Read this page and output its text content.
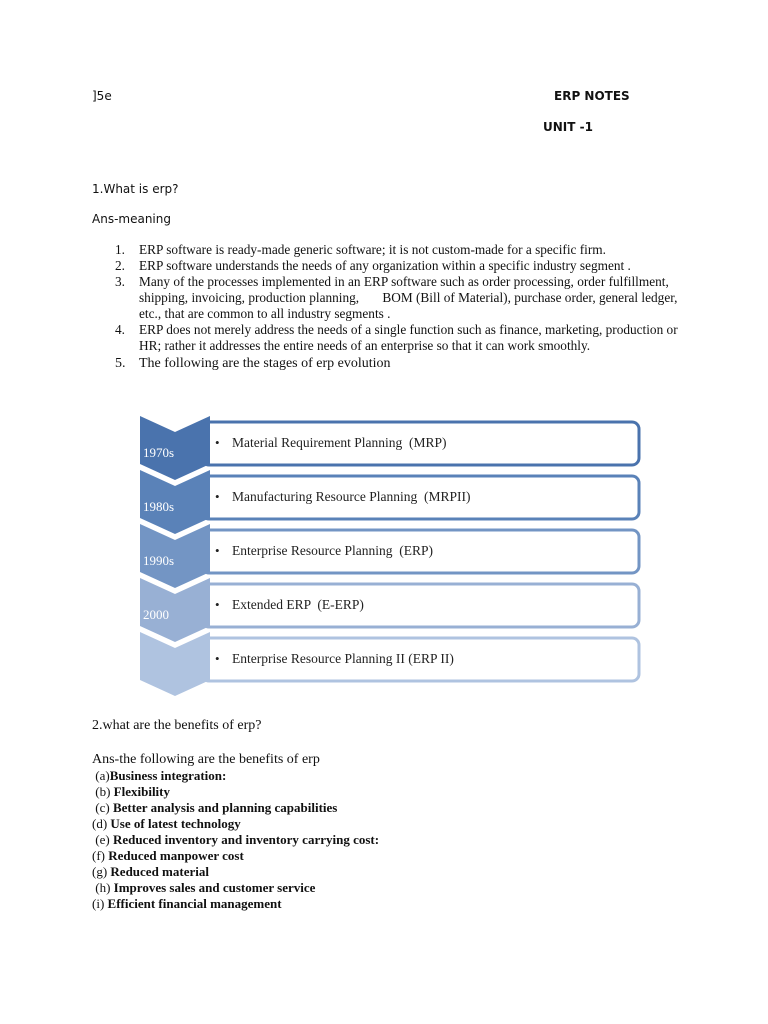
]5e	ERP NOTES
UNIT -1
1.What is erp?
Ans-meaning
1. ERP software is ready-made generic software; it is not custom-made for a specific firm.
2. ERP software understands the needs of any organization within a specific industry segment .
3. Many of the processes implemented in an ERP software such as order processing, order fulfillment, shipping, invoicing, production planning,       BOM (Bill of Material), purchase order, general ledger, etc., that are common to all industry segments .
4. ERP does not merely address the needs of a single function such as finance, marketing, production or HR; rather it addresses the entire needs of an enterprise so that it can work smoothly.
5. The following are the stages of erp evolution
1970s
• Material Requirement Planning  (MRP)
1980s
• Manufacturing Resource Planning  (MRPII)
1990s
• Enterprise Resource Planning  (ERP)
2000
• Extended ERP  (E-ERP)
• Enterprise Resource Planning II (ERP II)
2.what are the benefits of erp?
Ans-the following are the benefits of erp
(a)Business integration:
(b) Flexibility
(c) Better analysis and planning capabilities
(d) Use of latest technology
(e) Reduced inventory and inventory carrying cost:
(f) Reduced manpower cost
(g) Reduced material
(h) Improves sales and customer service
(i) Efficient financial management
